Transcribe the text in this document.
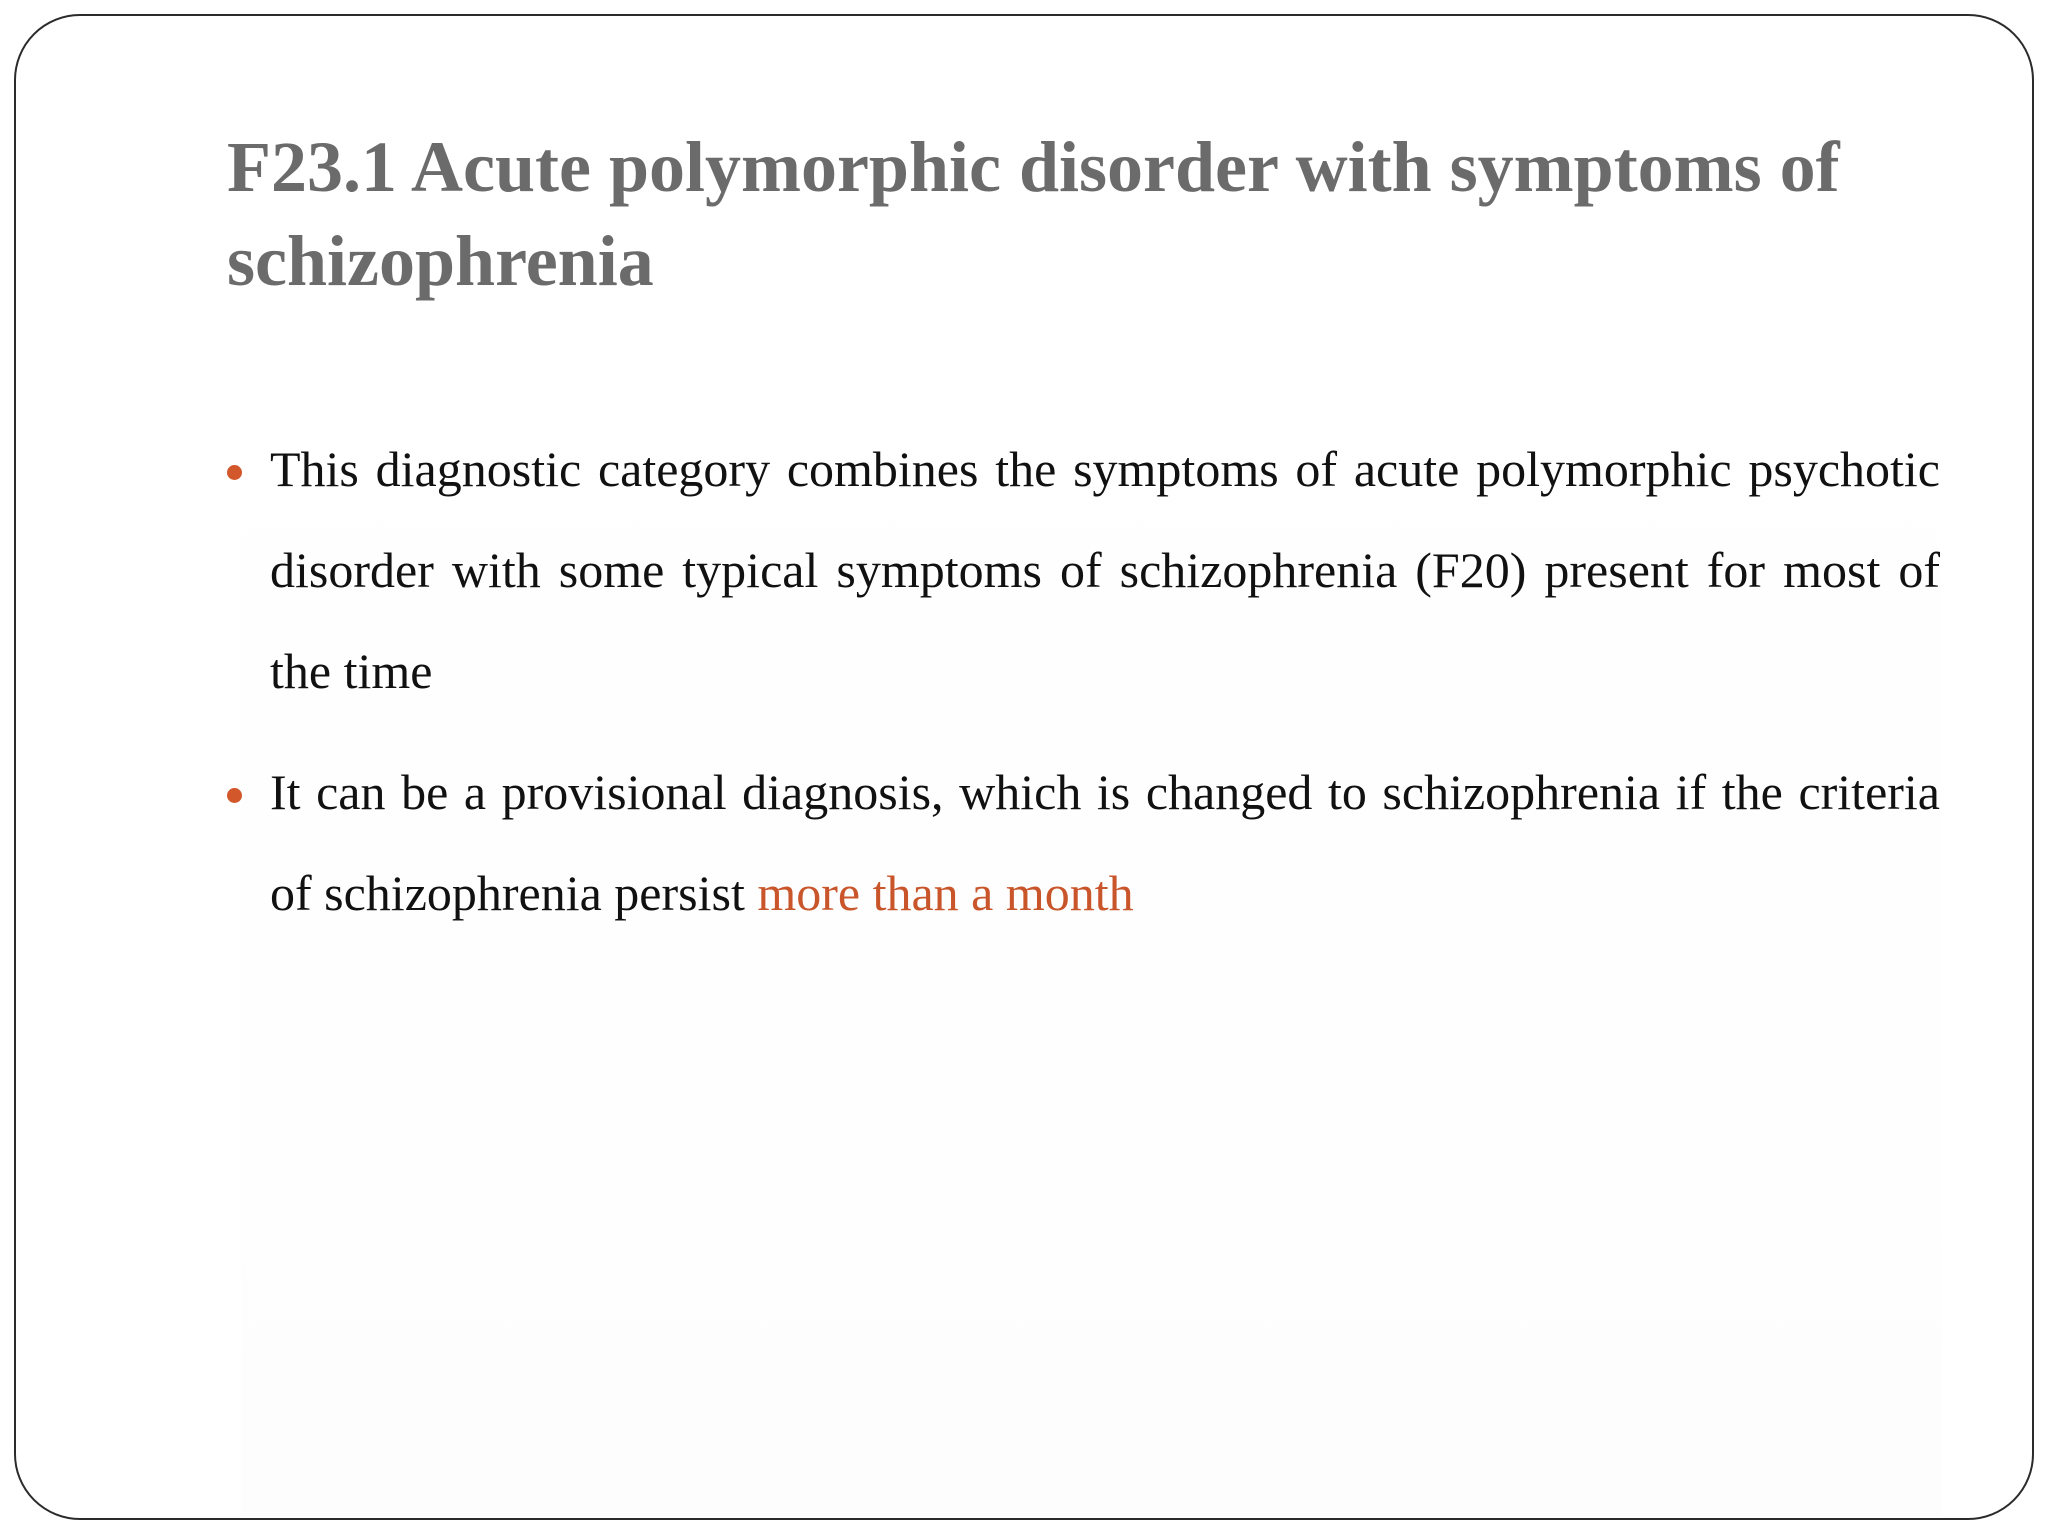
F23.1 Acute polymorphic disorder with symptoms of schizophrenia
This diagnostic category combines the symptoms of acute polymorphic psychotic disorder with some typical symptoms of schizophrenia (F20) present for most of the time
It can be a provisional diagnosis, which is changed to schizophrenia if the criteria of schizophrenia persist more than a month
